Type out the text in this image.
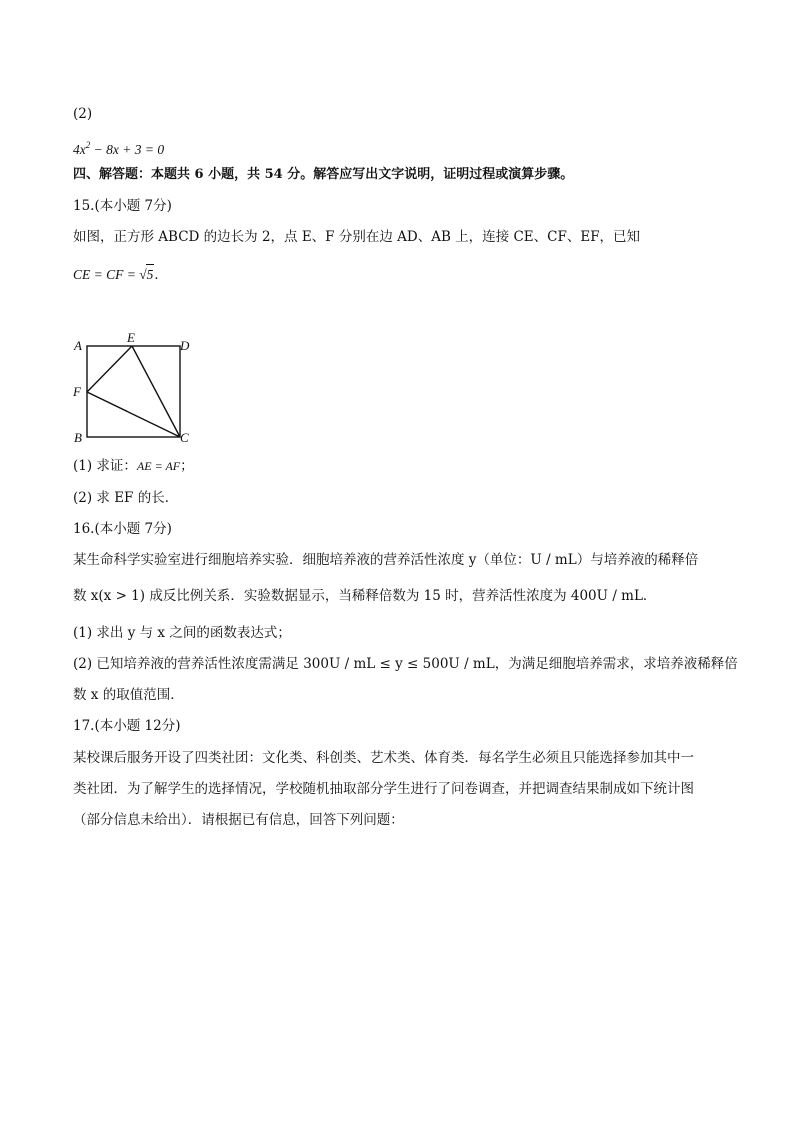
(2)
$4x^2 - 8x + 3 = 0$
四、解答题：本题共 6 小题，共 54 分。解答应写出文字说明，证明过程或演算步骤。
15.(本小题 7分)
如图，正方形 ABCD 的边长为 2，点 E、F 分别在边 AD、AB 上，连接 CE、CF、EF，已知
CE = CF = √5．
A
B	C
D
E
F
(1) 求证：AE = AF；
(2) 求 EF 的长．
16.(本小题 7分)
某生命科学实验室进行细胞培养实验．细胞培养液的营养活性浓度 y（单位：U / mL）与培养液的稀释倍
数 x(x > 1) 成反比例关系．实验数据显示，当稀释倍数为 15 时，营养活性浓度为 400U / mL．
(1) 求出 y 与 x 之间的函数表达式；
(2) 已知培养液的营养活性浓度需满足 300U / mL ≤ y ≤ 500U / mL，为满足细胞培养需求，求培养液稀释倍
数 x 的取值范围．
17.(本小题 12分)
某校课后服务开设了四类社团：文化类、科创类、艺术类、体育类．每名学生必须且只能选择参加其中一
类社团．为了解学生的选择情况，学校随机抽取部分学生进行了问卷调查，并把调查结果制成如下统计图
（部分信息未给出）．请根据已有信息，回答下列问题：
